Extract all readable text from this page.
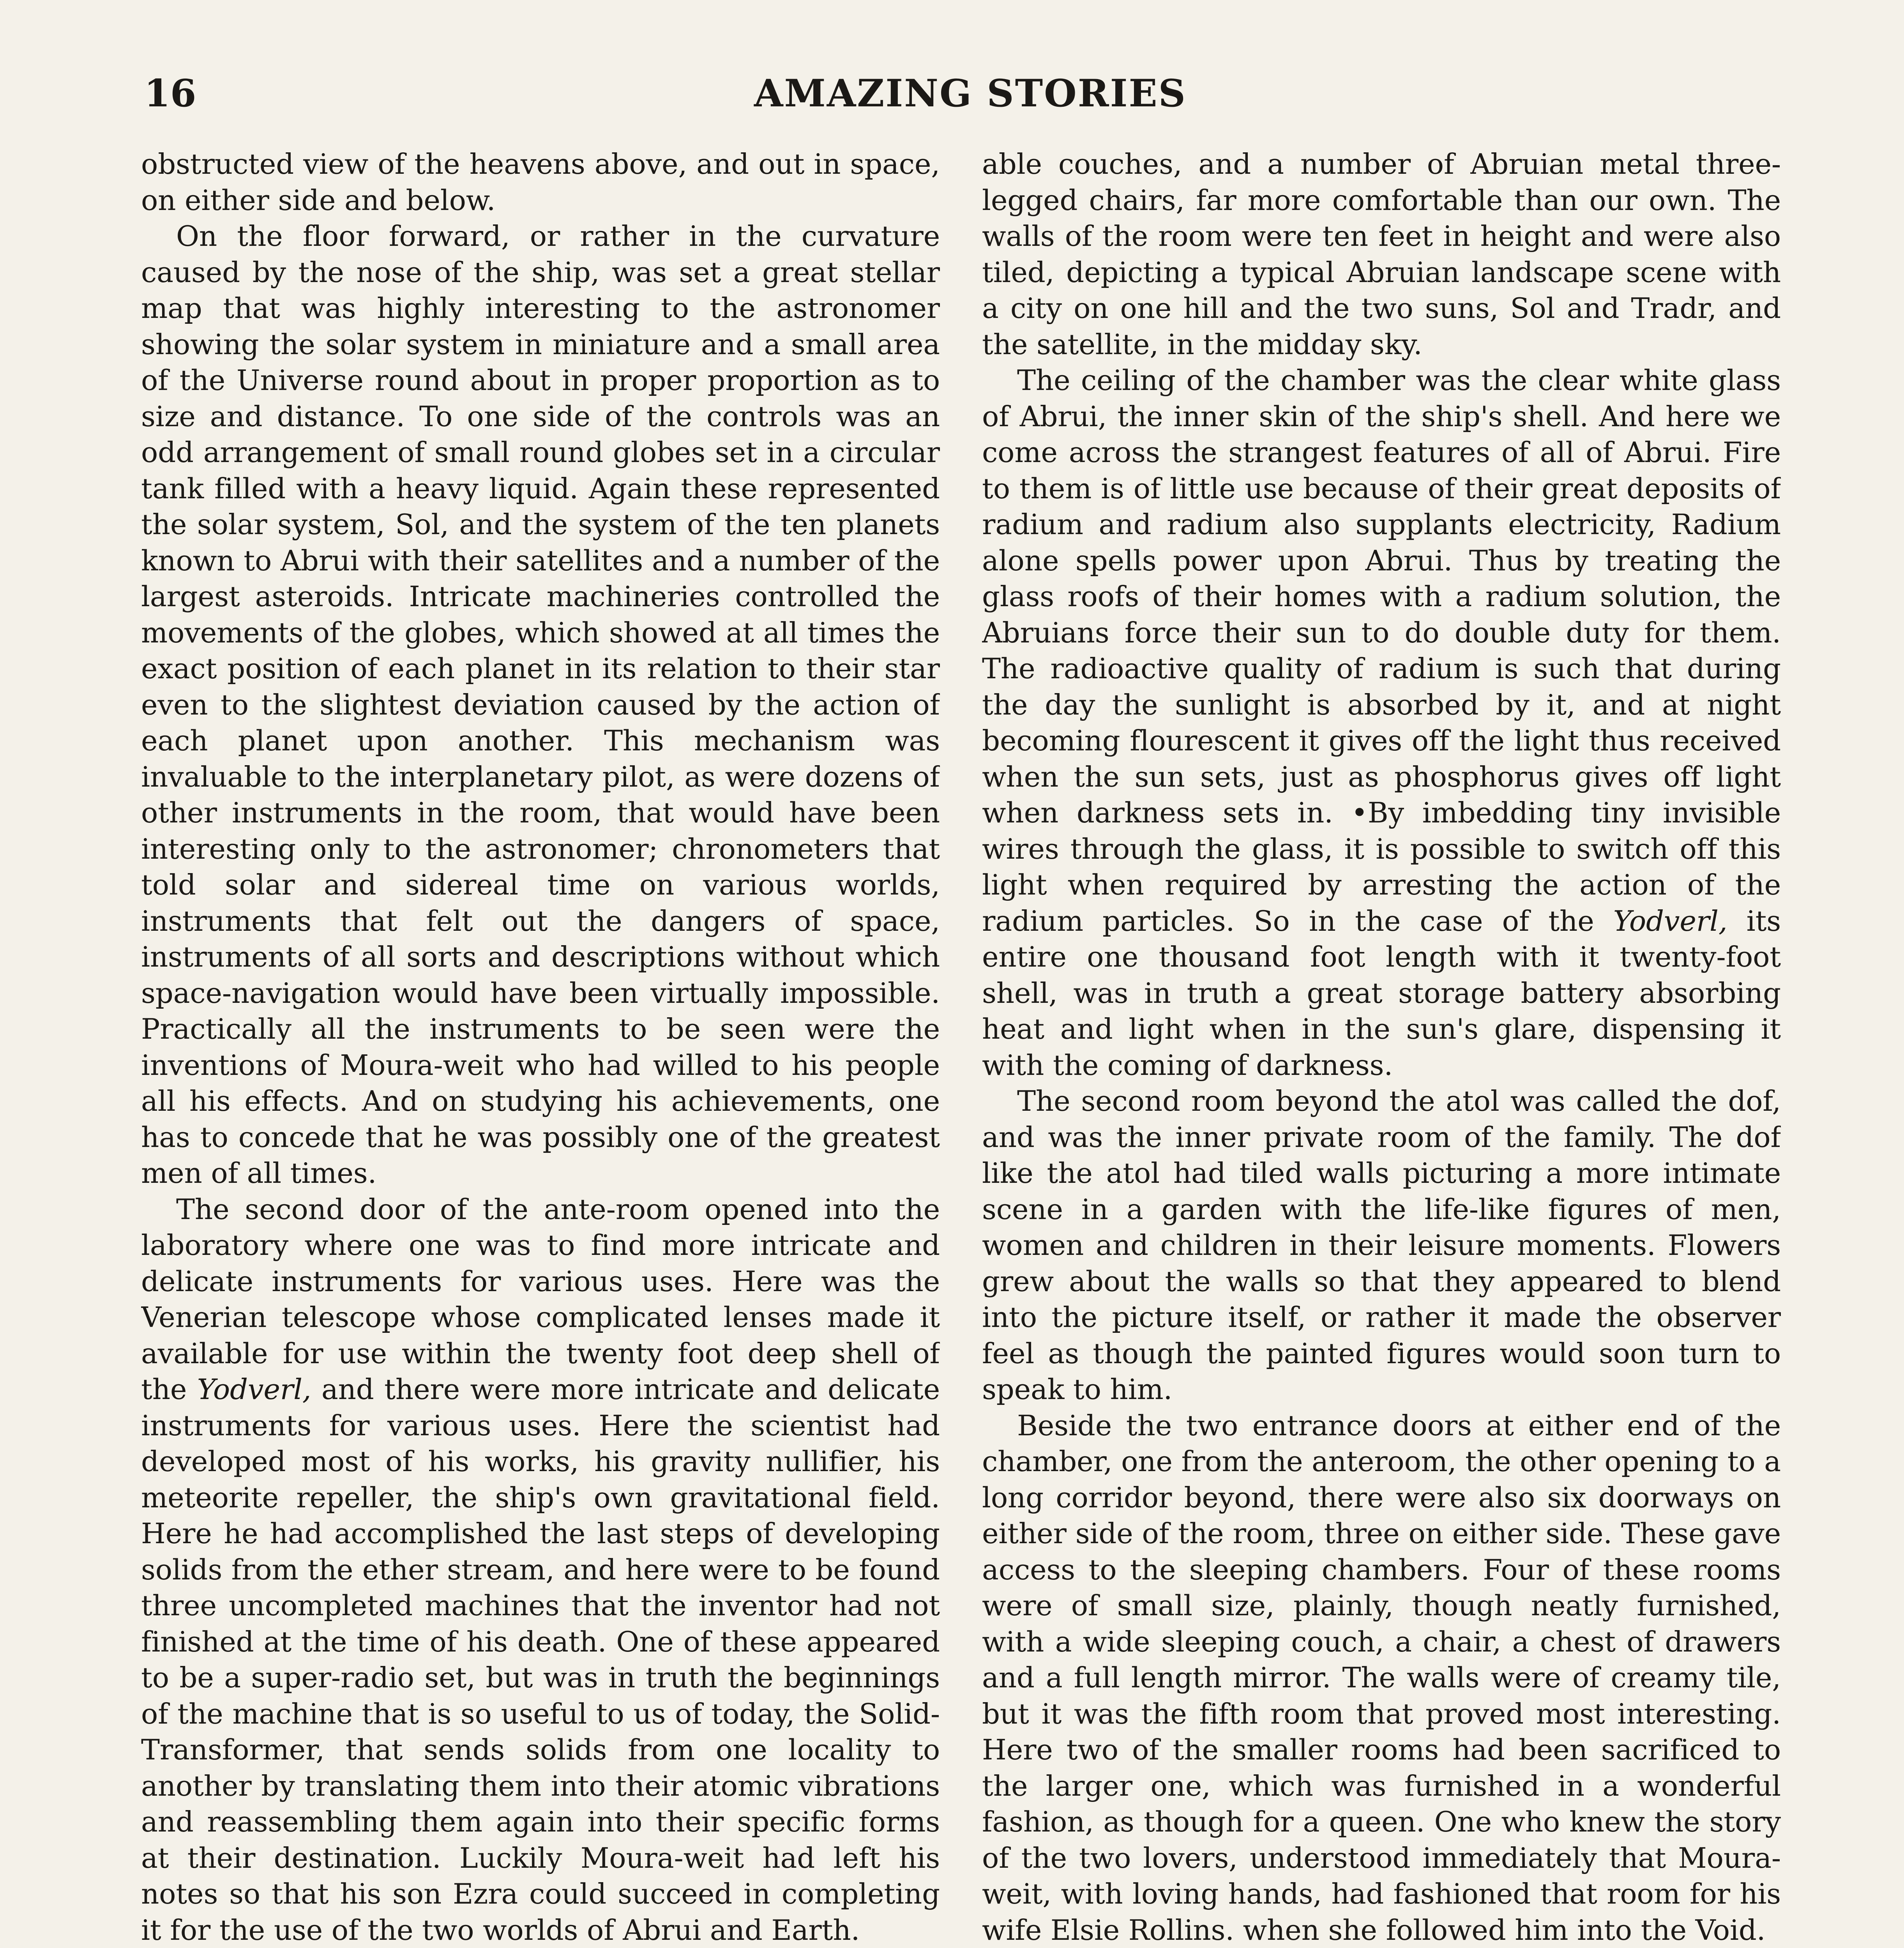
16	AMAZING STORIES

obstructed view of the heavens above, and out in space, on either side and below.

On the floor forward, or rather in the curvature caused by the nose of the ship, was set a great stellar map that was highly interesting to the astronomer showing the solar system in miniature and a small area of the Universe round about in proper proportion as to size and distance. To one side of the controls was an odd arrangement of small round globes set in a circular tank filled with a heavy liquid. Again these represented the solar system, Sol, and the system of the ten planets known to Abrui with their satellites and a number of the largest asteroids. Intricate machineries controlled the movements of the globes, which showed at all times the exact position of each planet in its relation to their star even to the slightest deviation caused by the action of each planet upon another. This mechanism was invaluable to the interplanetary pilot, as were dozens of other instruments in the room, that would have been interesting only to the astronomer; chronometers that told solar and sidereal time on various worlds, instruments that felt out the dangers of space, instruments of all sorts and descriptions without which space-navigation would have been virtually impossible. Practically all the instruments to be seen were the inventions of Moura-weit who had willed to his people all his effects. And on studying his achievements, one has to concede that he was possibly one of the greatest men of all times.

The second door of the ante-room opened into the laboratory where one was to find more intricate and delicate instruments for various uses. Here was the Venerian telescope whose complicated lenses made it available for use within the twenty foot deep shell of the Yodverl, and there were more intricate and delicate instruments for various uses. Here the scientist had developed most of his works, his gravity nullifier, his meteorite repeller, the ship's own gravitational field. Here he had accomplished the last steps of developing solids from the ether stream, and here were to be found three uncompleted machines that the inventor had not finished at the time of his death. One of these appeared to be a super-radio set, but was in truth the beginnings of the machine that is so useful to us of today, the Solid-Transformer, that sends solids from one locality to another by translating them into their atomic vibrations and reassembling them again into their specific forms at their destination. Luckily Moura-weit had left his notes so that his son Ezra could succeed in completing it for the use of the two worlds of Abrui and Earth.

able couches, and a number of Abruian metal three-legged chairs, far more comfortable than our own. The walls of the room were ten feet in height and were also tiled, depicting a typical Abruian landscape scene with a city on one hill and the two suns, Sol and Tradr, and the satellite, in the midday sky.

The ceiling of the chamber was the clear white glass of Abrui, the inner skin of the ship's shell. And here we come across the strangest features of all of Abrui. Fire to them is of little use because of their great deposits of radium and radium also supplants electricity, Radium alone spells power upon Abrui. Thus by treating the glass roofs of their homes with a radium solution, the Abruians force their sun to do double duty for them. The radioactive quality of radium is such that during the day the sunlight is absorbed by it, and at night becoming flourescent it gives off the light thus received when the sun sets, just as phosphorus gives off light when darkness sets in. •By imbedding tiny invisible wires through the glass, it is possible to switch off this light when required by arresting the action of the radium particles. So in the case of the Yodverl, its entire one thousand foot length with it twenty-foot shell, was in truth a great storage battery absorbing heat and light when in the sun's glare, dispensing it with the coming of darkness.

The second room beyond the atol was called the dof, and was the inner private room of the family. The dof like the atol had tiled walls picturing a more intimate scene in a garden with the life-like figures of men, women and children in their leisure moments. Flowers grew about the walls so that they appeared to blend into the picture itself, or rather it made the observer feel as though the painted figures would soon turn to speak to him.

Beside the two entrance doors at either end of the chamber, one from the anteroom, the other opening to a long corridor beyond, there were also six doorways on either side of the room, three on either side. These gave access to the sleeping chambers. Four of these rooms were of small size, plainly, though neatly furnished, with a wide sleeping couch, a chair, a chest of drawers and a full length mirror. The walls were of creamy tile, but it was the fifth room that proved most interesting. Here two of the smaller rooms had been sacrificed to the larger one, which was furnished in a wonderful fashion, as though for a queen. One who knew the story of the two lovers, understood immediately that Moura-weit, with loving hands, had fashioned that room for his wife Elsie Rollins. when she followed him into the Void.
